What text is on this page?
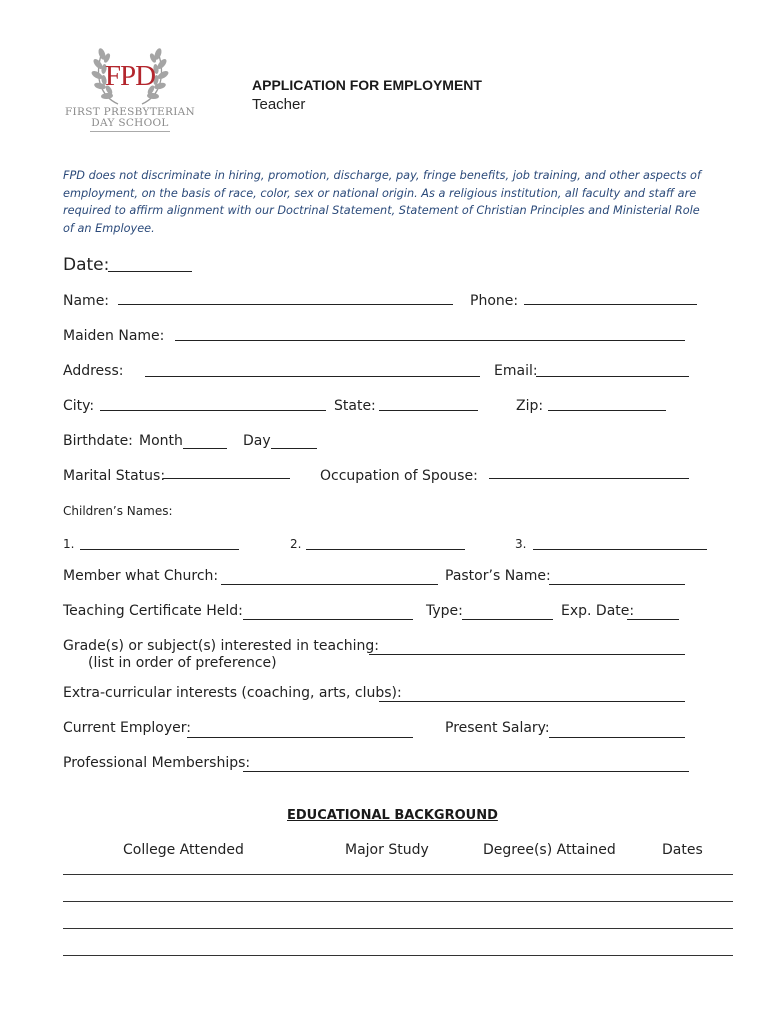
FPD
FIRST PRESBYTERIAN
DAY SCHOOL
APPLICATION FOR EMPLOYMENT
Teacher
FPD does not discriminate in hiring, promotion, discharge, pay, fringe benefits, job training, and other aspects of employment, on the basis of race, color, sex or national origin. As a religious institution, all faculty and staff are required to affirm alignment with our Doctrinal Statement, Statement of Christian Principles and Ministerial Role of an Employee.
Date:
Name:	Phone:
Maiden Name:
Address:	Email:
City:	State:	Zip:
Birthdate: Month	Day
Marital Status:	Occupation of Spouse:
Children’s Names:
1.	2.	3.
Member what Church:	Pastor’s Name:
Teaching Certificate Held:	Type:	Exp. Date:
Grade(s) or subject(s) interested in teaching:
(list in order of preference)
Extra-curricular interests (coaching, arts, clubs):
Current Employer:	Present Salary:
Professional Memberships:
EDUCATIONAL BACKGROUND
College Attended	Major Study	Degree(s) Attained	Dates
